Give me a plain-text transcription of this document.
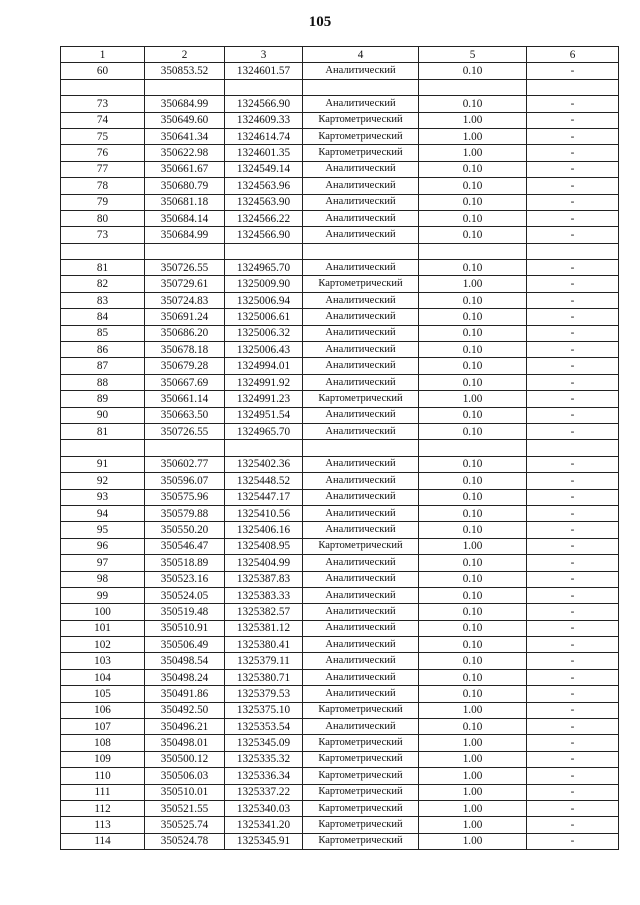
105
1	2	3	4	5	6
60	350853.52	1324601.57	Аналитический	0.10	-

73	350684.99	1324566.90	Аналитический	0.10	-
74	350649.60	1324609.33	Картометрический	1.00	-
75	350641.34	1324614.74	Картометрический	1.00	-
76	350622.98	1324601.35	Картометрический	1.00	-
77	350661.67	1324549.14	Аналитический	0.10	-
78	350680.79	1324563.96	Аналитический	0.10	-
79	350681.18	1324563.90	Аналитический	0.10	-
80	350684.14	1324566.22	Аналитический	0.10	-
73	350684.99	1324566.90	Аналитический	0.10	-

81	350726.55	1324965.70	Аналитический	0.10	-
82	350729.61	1325009.90	Картометрический	1.00	-
83	350724.83	1325006.94	Аналитический	0.10	-
84	350691.24	1325006.61	Аналитический	0.10	-
85	350686.20	1325006.32	Аналитический	0.10	-
86	350678.18	1325006.43	Аналитический	0.10	-
87	350679.28	1324994.01	Аналитический	0.10	-
88	350667.69	1324991.92	Аналитический	0.10	-
89	350661.14	1324991.23	Картометрический	1.00	-
90	350663.50	1324951.54	Аналитический	0.10	-
81	350726.55	1324965.70	Аналитический	0.10	-

91	350602.77	1325402.36	Аналитический	0.10	-
92	350596.07	1325448.52	Аналитический	0.10	-
93	350575.96	1325447.17	Аналитический	0.10	-
94	350579.88	1325410.56	Аналитический	0.10	-
95	350550.20	1325406.16	Аналитический	0.10	-
96	350546.47	1325408.95	Картометрический	1.00	-
97	350518.89	1325404.99	Аналитический	0.10	-
98	350523.16	1325387.83	Аналитический	0.10	-
99	350524.05	1325383.33	Аналитический	0.10	-
100	350519.48	1325382.57	Аналитический	0.10	-
101	350510.91	1325381.12	Аналитический	0.10	-
102	350506.49	1325380.41	Аналитический	0.10	-
103	350498.54	1325379.11	Аналитический	0.10	-
104	350498.24	1325380.71	Аналитический	0.10	-
105	350491.86	1325379.53	Аналитический	0.10	-
106	350492.50	1325375.10	Картометрический	1.00	-
107	350496.21	1325353.54	Аналитический	0.10	-
108	350498.01	1325345.09	Картометрический	1.00	-
109	350500.12	1325335.32	Картометрический	1.00	-
110	350506.03	1325336.34	Картометрический	1.00	-
111	350510.01	1325337.22	Картометрический	1.00	-
112	350521.55	1325340.03	Картометрический	1.00	-
113	350525.74	1325341.20	Картометрический	1.00	-
114	350524.78	1325345.91	Картометрический	1.00	-
